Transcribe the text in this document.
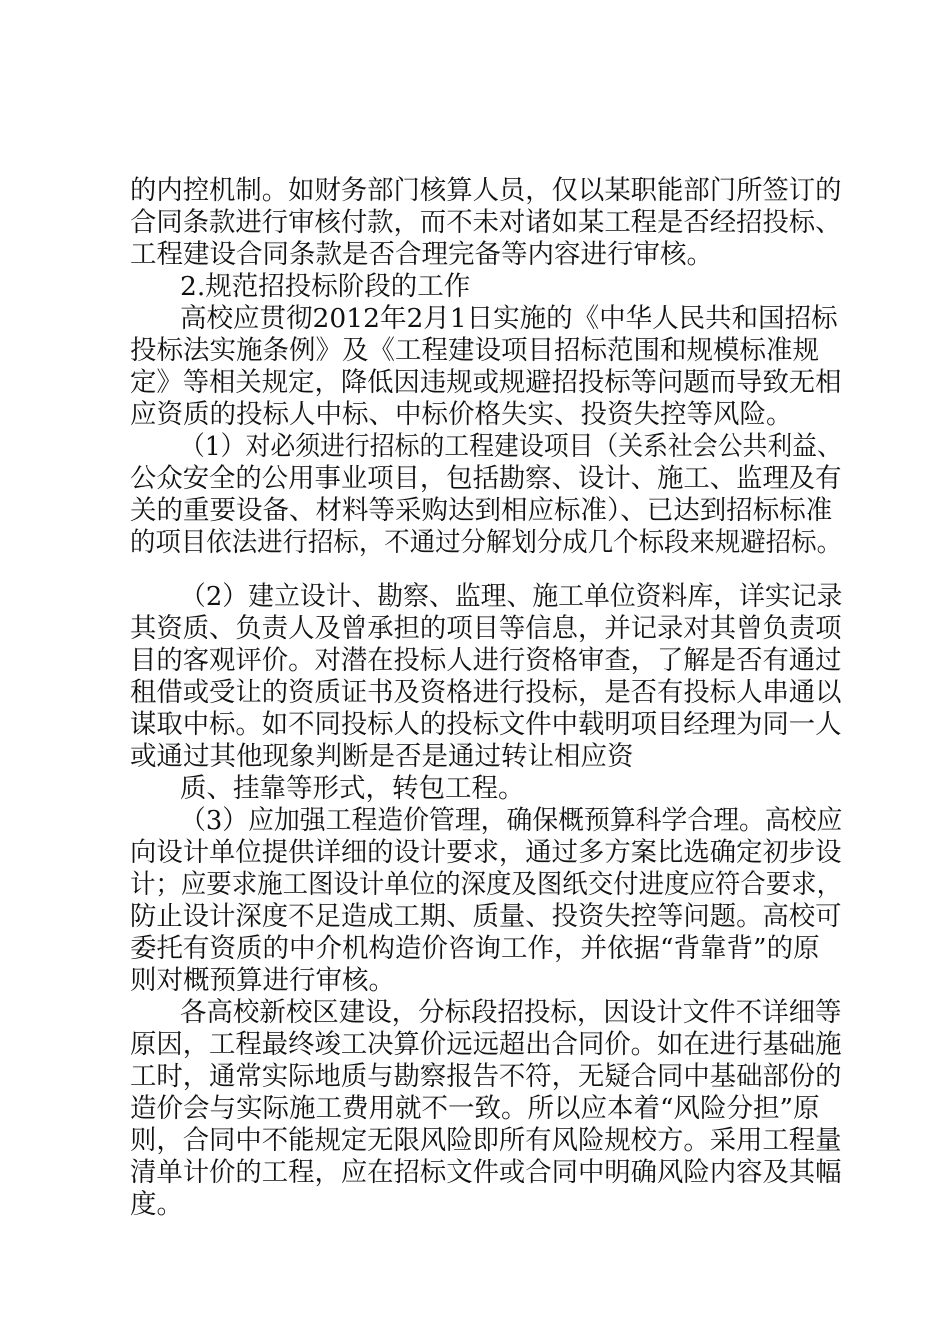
的内控机制。如财务部门核算人员，仅以某职能部门所签订的
合同条款进行审核付款，而不未对诸如某工程是否经招投标、
工程建设合同条款是否合理完备等内容进行审核。
2.规范招投标阶段的工作
高校应贯彻2012年2月1日实施的《中华人民共和国招标
投标法实施条例》及《工程建设项目招标范围和规模标准规
定》等相关规定，降低因违规或规避招投标等问题而导致无相
应资质的投标人中标、中标价格失实、投资失控等风险。
（1）对必须进行招标的工程建设项目（关系社会公共利益、
公众安全的公用事业项目，包括勘察、设计、施工、监理及有
关的重要设备、材料等采购达到相应标准）、已达到招标标准
的项目依法进行招标，不通过分解划分成几个标段来规避招标。
（2）建立设计、勘察、监理、施工单位资料库，详实记录
其资质、负责人及曾承担的项目等信息，并记录对其曾负责项
目的客观评价。对潜在投标人进行资格审查，了解是否有通过
租借或受让的资质证书及资格进行投标，是否有投标人串通以
谋取中标。如不同投标人的投标文件中载明项目经理为同一人
或通过其他现象判断是否是通过转让相应资
质、挂靠等形式，转包工程。
（3）应加强工程造价管理，确保概预算科学合理。高校应
向设计单位提供详细的设计要求，通过多方案比选确定初步设
计；应要求施工图设计单位的深度及图纸交付进度应符合要求，
防止设计深度不足造成工期、质量、投资失控等问题。高校可
委托有资质的中介机构造价咨询工作，并依据“背靠背”的原
则对概预算进行审核。
各高校新校区建设，分标段招投标，因设计文件不详细等
原因，工程最终竣工决算价远远超出合同价。如在进行基础施
工时，通常实际地质与勘察报告不符，无疑合同中基础部份的
造价会与实际施工费用就不一致。所以应本着“风险分担”原
则，合同中不能规定无限风险即所有风险规校方。采用工程量
清单计价的工程，应在招标文件或合同中明确风险内容及其幅
度。
